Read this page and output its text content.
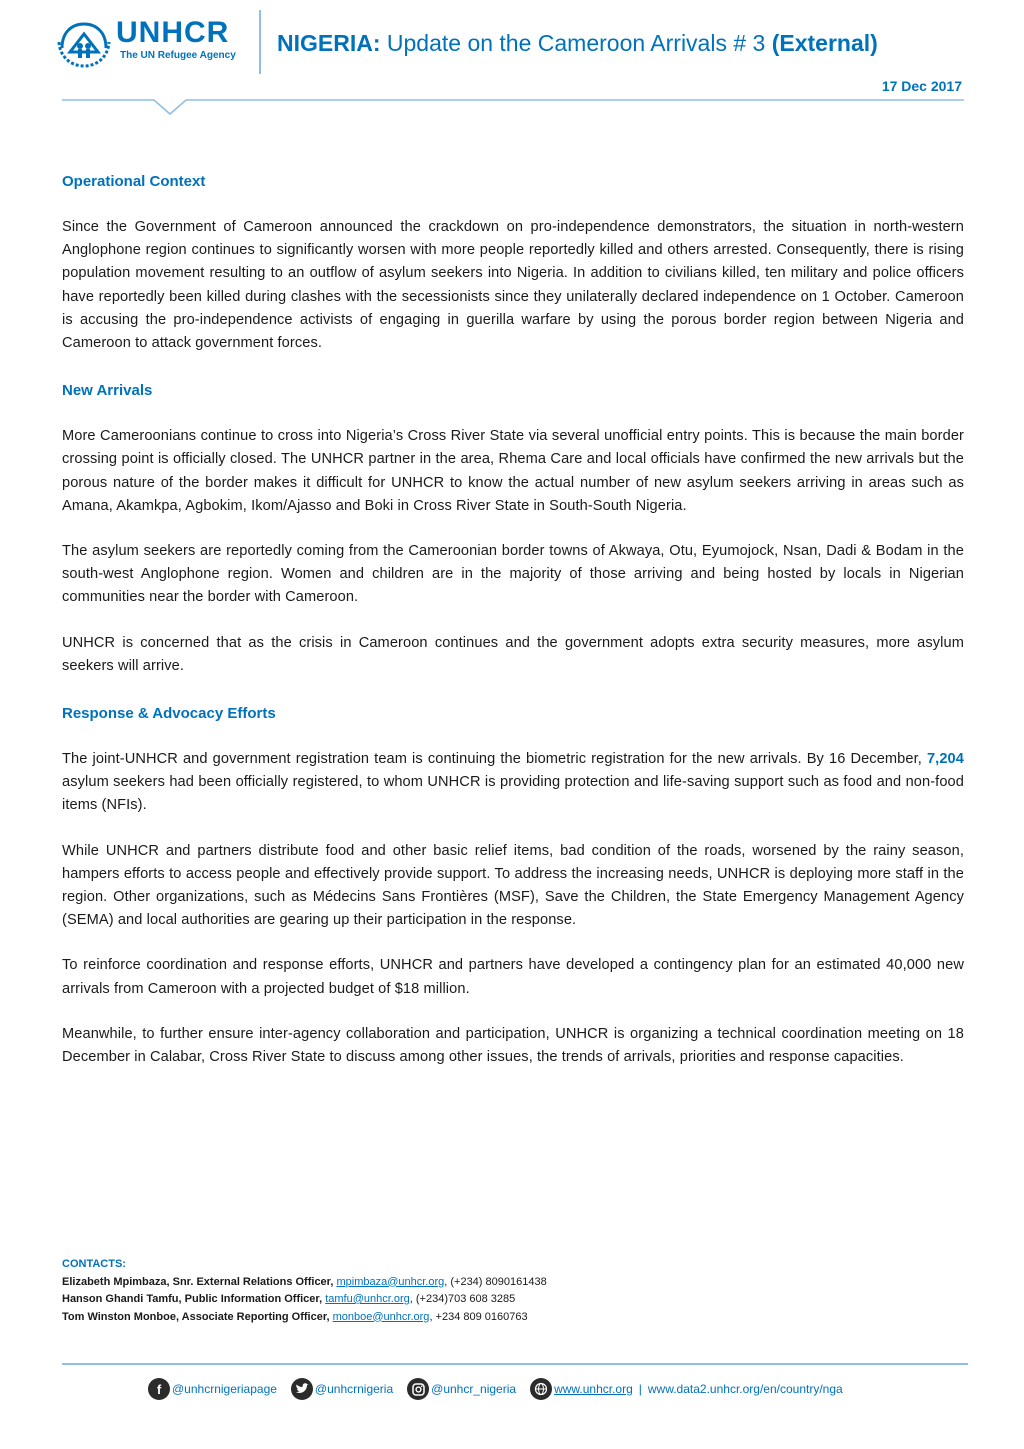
UNHCR
The UN Refugee Agency NIGERIA: Update on the Cameroon Arrivals # 3 (External)
17 Dec 2017
Operational Context

Since the Government of Cameroon announced the crackdown on pro-independence demonstrators, the situation in north-western Anglophone region continues to significantly worsen with more people reportedly killed and others arrested. Consequently, there is rising population movement resulting to an outflow of asylum seekers into Nigeria. In addition to civilians killed, ten military and police officers have reportedly been killed during clashes with the secessionists since they unilaterally declared independence on 1 October. Cameroon is accusing the pro-independence activists of engaging in guerilla warfare by using the porous border region between Nigeria and Cameroon to attack government forces.

New Arrivals

More Cameroonians continue to cross into Nigeria’s Cross River State via several unofficial entry points. This is because the main border crossing point is officially closed. The UNHCR partner in the area, Rhema Care and local officials have confirmed the new arrivals but the porous nature of the border makes it difficult for UNHCR to know the actual number of new asylum seekers arriving in areas such as Amana, Akamkpa, Agbokim, Ikom/Ajasso and Boki in Cross River State in South-South Nigeria.

The asylum seekers are reportedly coming from the Cameroonian border towns of Akwaya, Otu, Eyumojock, Nsan, Dadi & Bodam in the south-west Anglophone region. Women and children are in the majority of those arriving and being hosted by locals in Nigerian communities near the border with Cameroon.

UNHCR is concerned that as the crisis in Cameroon continues and the government adopts extra security measures, more asylum seekers will arrive.

Response & Advocacy Efforts

The joint-UNHCR and government registration team is continuing the biometric registration for the new arrivals. By 16 December, 7,204 asylum seekers had been officially registered, to whom UNHCR is providing protection and life-saving support such as food and non-food items (NFIs).

While UNHCR and partners distribute food and other basic relief items, bad condition of the roads, worsened by the rainy season, hampers efforts to access people and effectively provide support. To address the increasing needs, UNHCR is deploying more staff in the region. Other organizations, such as Médecins Sans Frontières (MSF), Save the Children, the State Emergency Management Agency (SEMA) and local authorities are gearing up their participation in the response.

To reinforce coordination and response efforts, UNHCR and partners have developed a contingency plan for an estimated 40,000 new arrivals from Cameroon with a projected budget of $18 million.

Meanwhile, to further ensure inter-agency collaboration and participation, UNHCR is organizing a technical coordination meeting on 18 December in Calabar, Cross River State to discuss among other issues, the trends of arrivals, priorities and response capacities.

CONTACTS:
Elizabeth Mpimbaza, Snr. External Relations Officer, mpimbaza@unhcr.org, (+234) 8090161438
Hanson Ghandi Tamfu, Public Information Officer, tamfu@unhcr.org, (+234)703 608 3285
Tom Winston Monboe, Associate Reporting Officer, monboe@unhcr.org, +234 809 0160763
f @unhcrnigeriapage	@unhcrnigeria	@unhcr_nigeria	www.unhcr.org | www.data2.unhcr.org/en/country/nga
